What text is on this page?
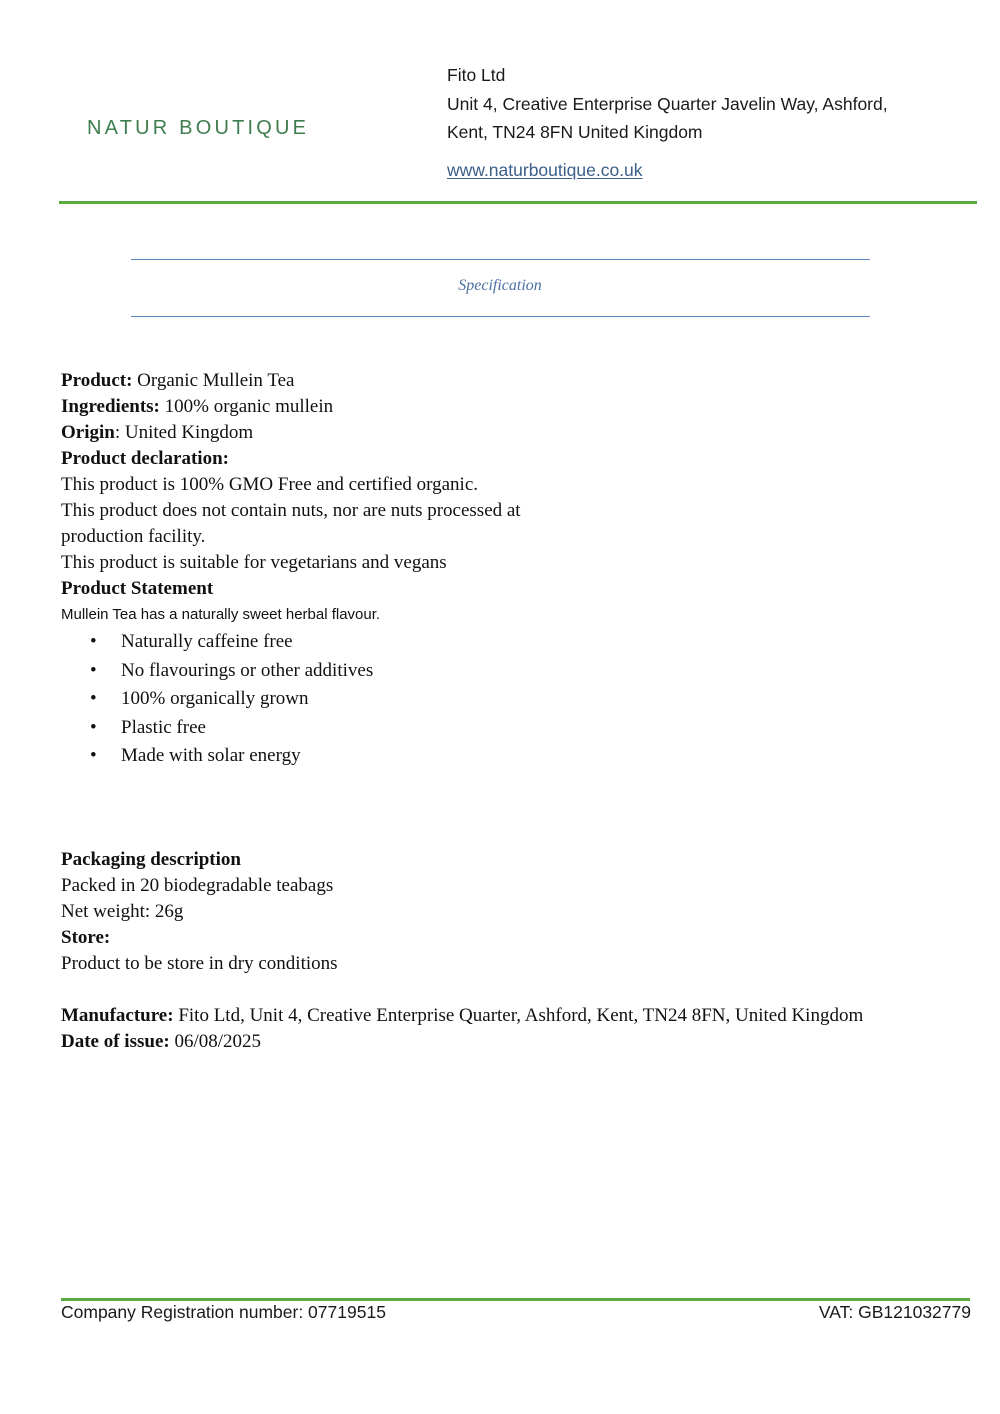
NATUR BOUTIQUE
Fito Ltd
Unit 4, Creative Enterprise Quarter Javelin Way, Ashford,
Kent, TN24 8FN United Kingdom
www.naturboutique.co.uk
Specification
Product: Organic Mullein Tea
Ingredients: 100% organic mullein
Origin: United Kingdom
Product declaration:
This product is 100% GMO Free and certified organic.
This product does not contain nuts, nor are nuts processed at
production facility.
This product is suitable for vegetarians and vegans
Product Statement
Mullein Tea has a naturally sweet herbal flavour.
• Naturally caffeine free
• No flavourings or other additives
• 100% organically grown
• Plastic free
• Made with solar energy
Packaging description
Packed in 20 biodegradable teabags
Net weight: 26g
Store:
Product to be store in dry conditions
Manufacture: Fito Ltd, Unit 4, Creative Enterprise Quarter, Ashford, Kent, TN24 8FN, United Kingdom
Date of issue: 06/08/2025
Company Registration number: 07719515	VAT: GB121032779
